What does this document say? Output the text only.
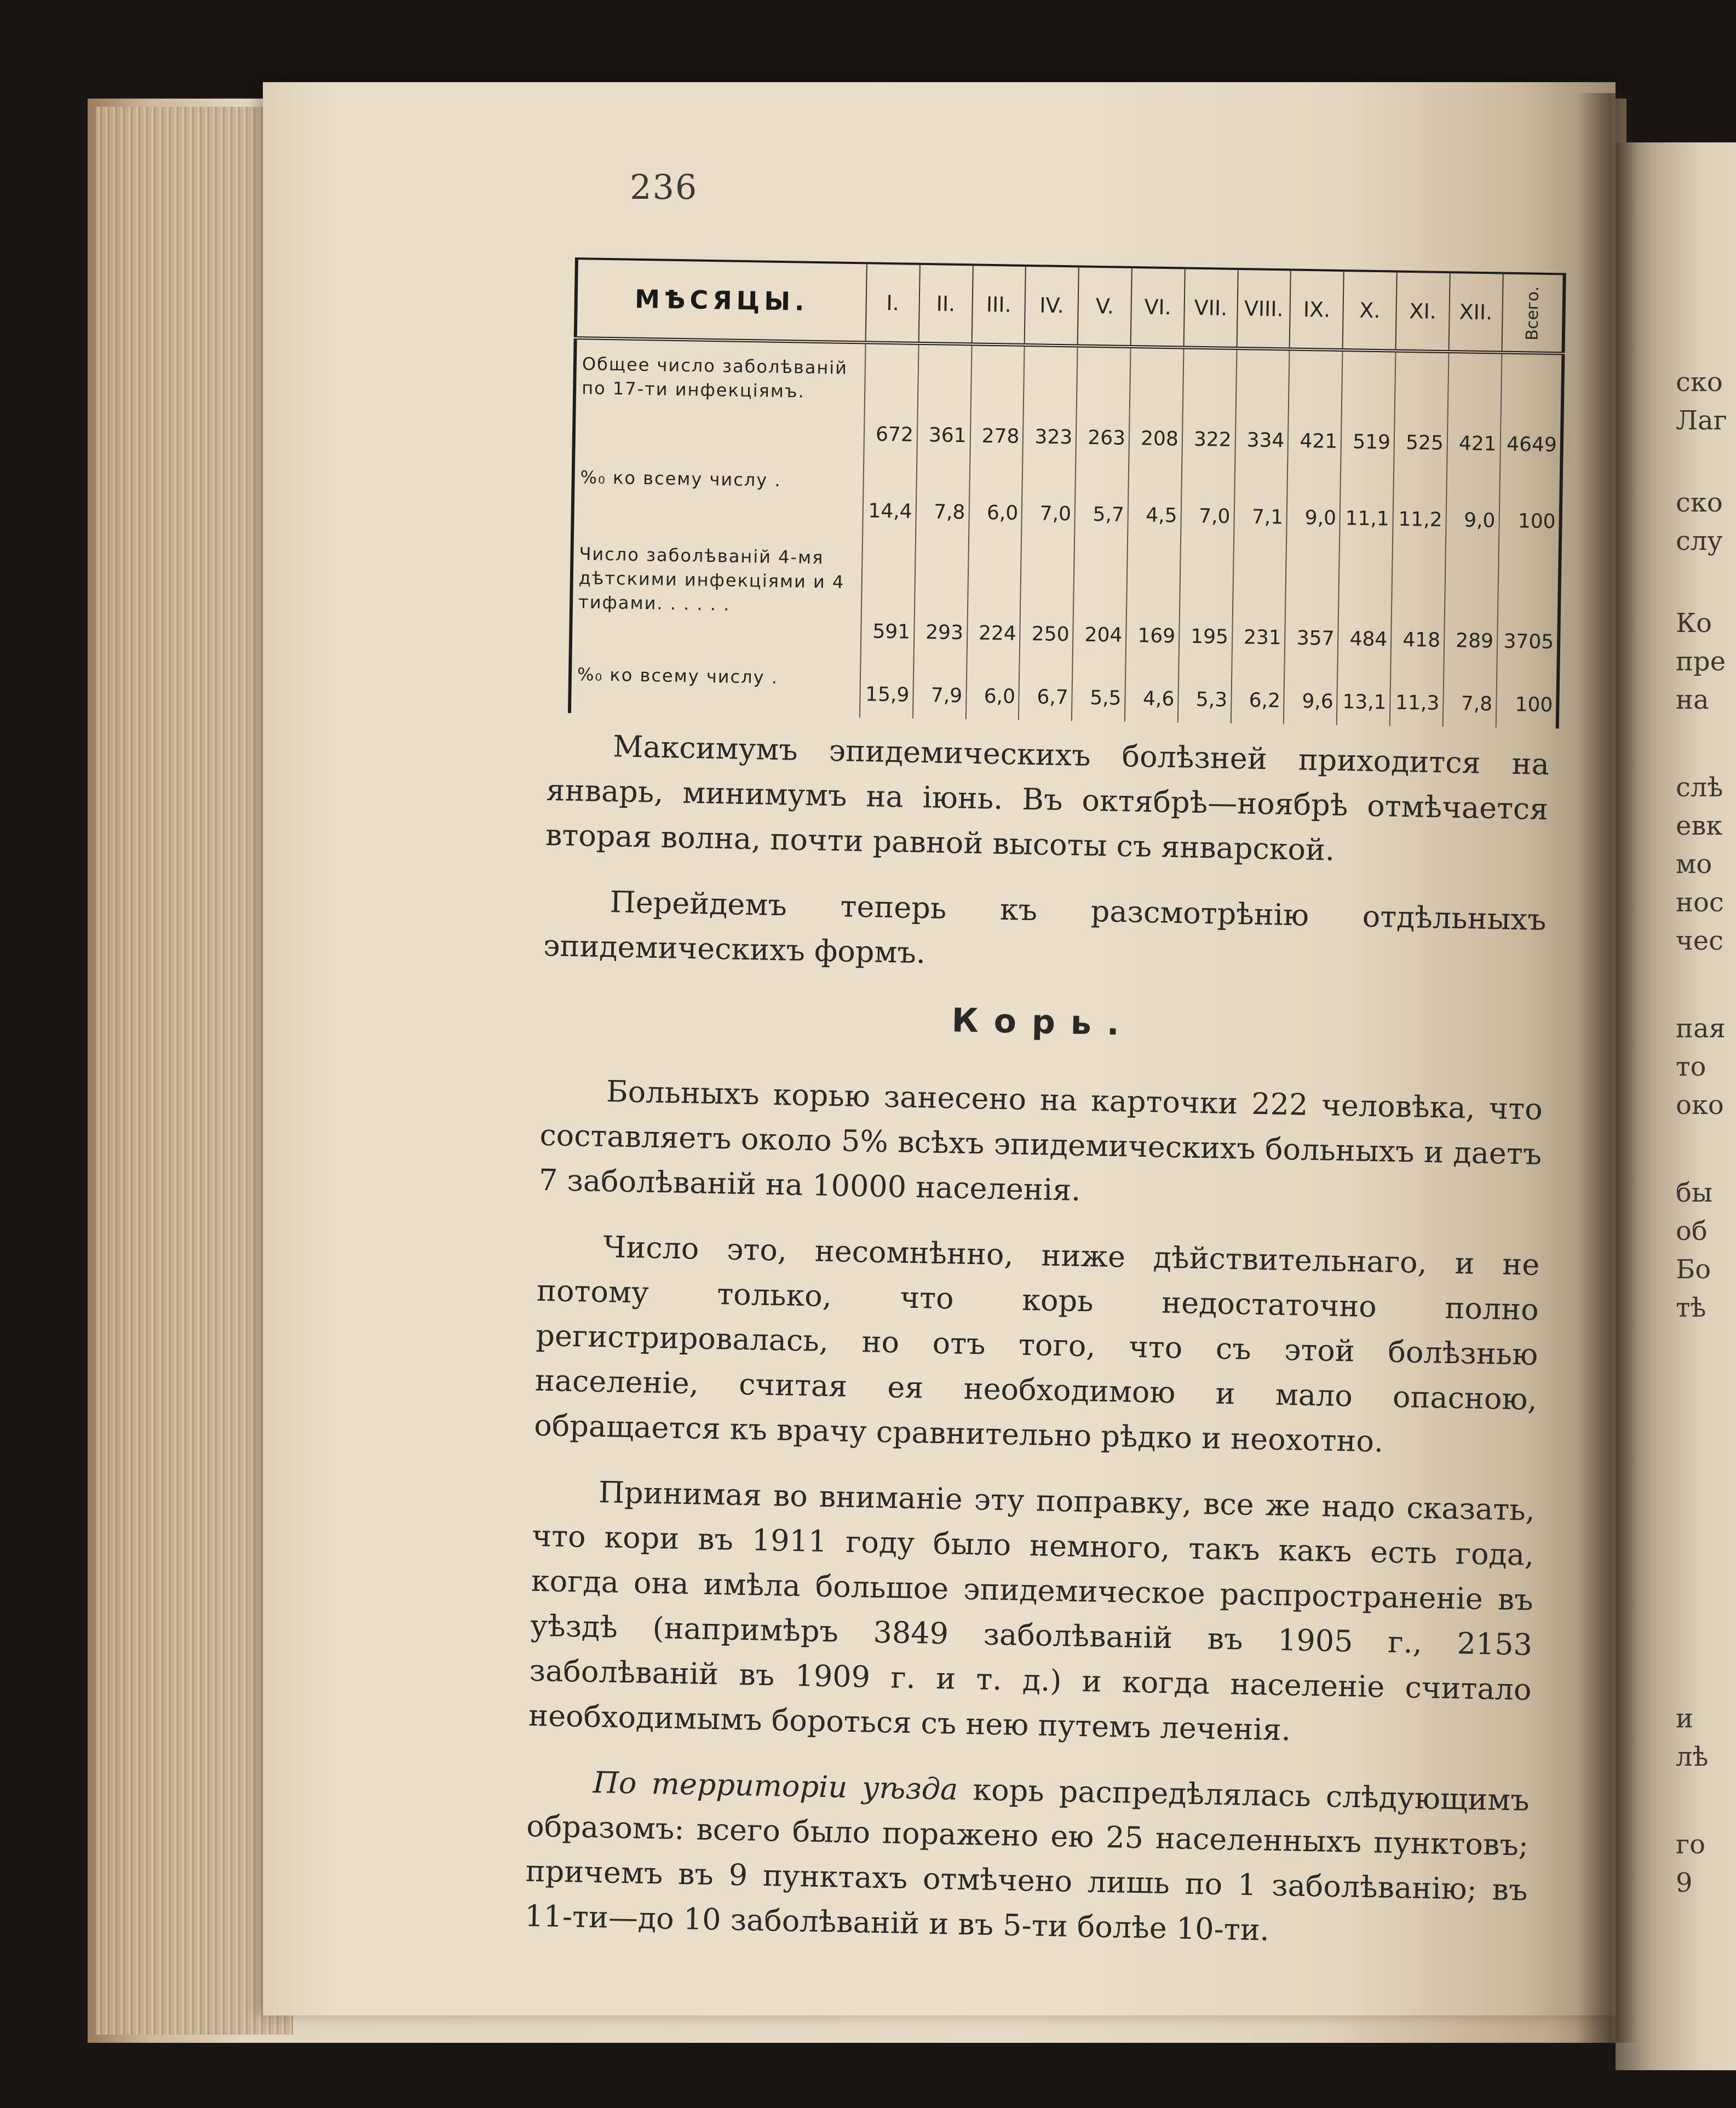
236
МѢСЯЦЫ.	I.	II.	III.	IV.	V.	VI.	VII.	VIII.	IX.	X.	XI.	XII.	Всего.

Общее число заболѣваній по 17-ти инфекціямъ.	672	361	278	323	263	208	322	334	421	519	525	421	4649
%₀ ко всему числу .	14,4	7,8	6,0	7,0	5,7	4,5	7,0	7,1	9,0	11,1	11,2	9,0	100
Число заболѣваній 4-мя дѣтскими инфекціями и 4 тифами. . . . . .	591	293	224	250	204	169	195	231	357	484	418	289	3705
%₀ ко всему числу .	15,9	7,9	6,0	6,7	5,5	4,6	5,3	6,2	9,6	13,1	11,3	7,8	100

Максимумъ эпидемическихъ болѣзней приходится на январь, минимумъ на іюнь. Въ октябрѣ—ноябрѣ отмѣчается вторая волна, почти равной высоты съ январской.

Перейдемъ теперь къ разсмотрѣнію отдѣльныхъ эпидемическихъ формъ.

Корь.

Больныхъ корью занесено на карточки 222 человѣка, что составляетъ около 5% всѣхъ эпидемическихъ больныхъ и даетъ 7 заболѣваній на 10000 населенія.

Число это, несомнѣнно, ниже дѣйствительнаго, и не потому только, что корь недостаточно полно регистрировалась, но отъ того, что съ этой болѣзнью населеніе, считая ея необходимою и мало опасною, обращается къ врачу сравнительно рѣдко и неохотно.

Принимая во вниманіе эту поправку, все же надо сказать, что кори въ 1911 году было немного, такъ какъ есть года, когда она имѣла большое эпидемическое распространеніе въ уѣздѣ (напримѣръ 3849 заболѣваній въ 1905 г., 2153 заболѣваній въ 1909 г. и т. д.) и когда населеніе считало необходимымъ бороться съ нею путемъ леченія.

По территоріи уѣзда корь распредѣлялась слѣдующимъ образомъ: всего было поражено ею 25 населенныхъ пунктовъ; причемъ въ 9 пунктахъ отмѣчено лишь по 1 заболѣванію; въ 11-ти—до 10 заболѣваній и въ 5-ти болѣе 10-ти.

ско
Лаг
ско
слу
Ко
пре
на
слѣ
евк
мо
нос
чес
пая
то
око
бы
об
Бо
тѣ
и
лѣ
го
9
